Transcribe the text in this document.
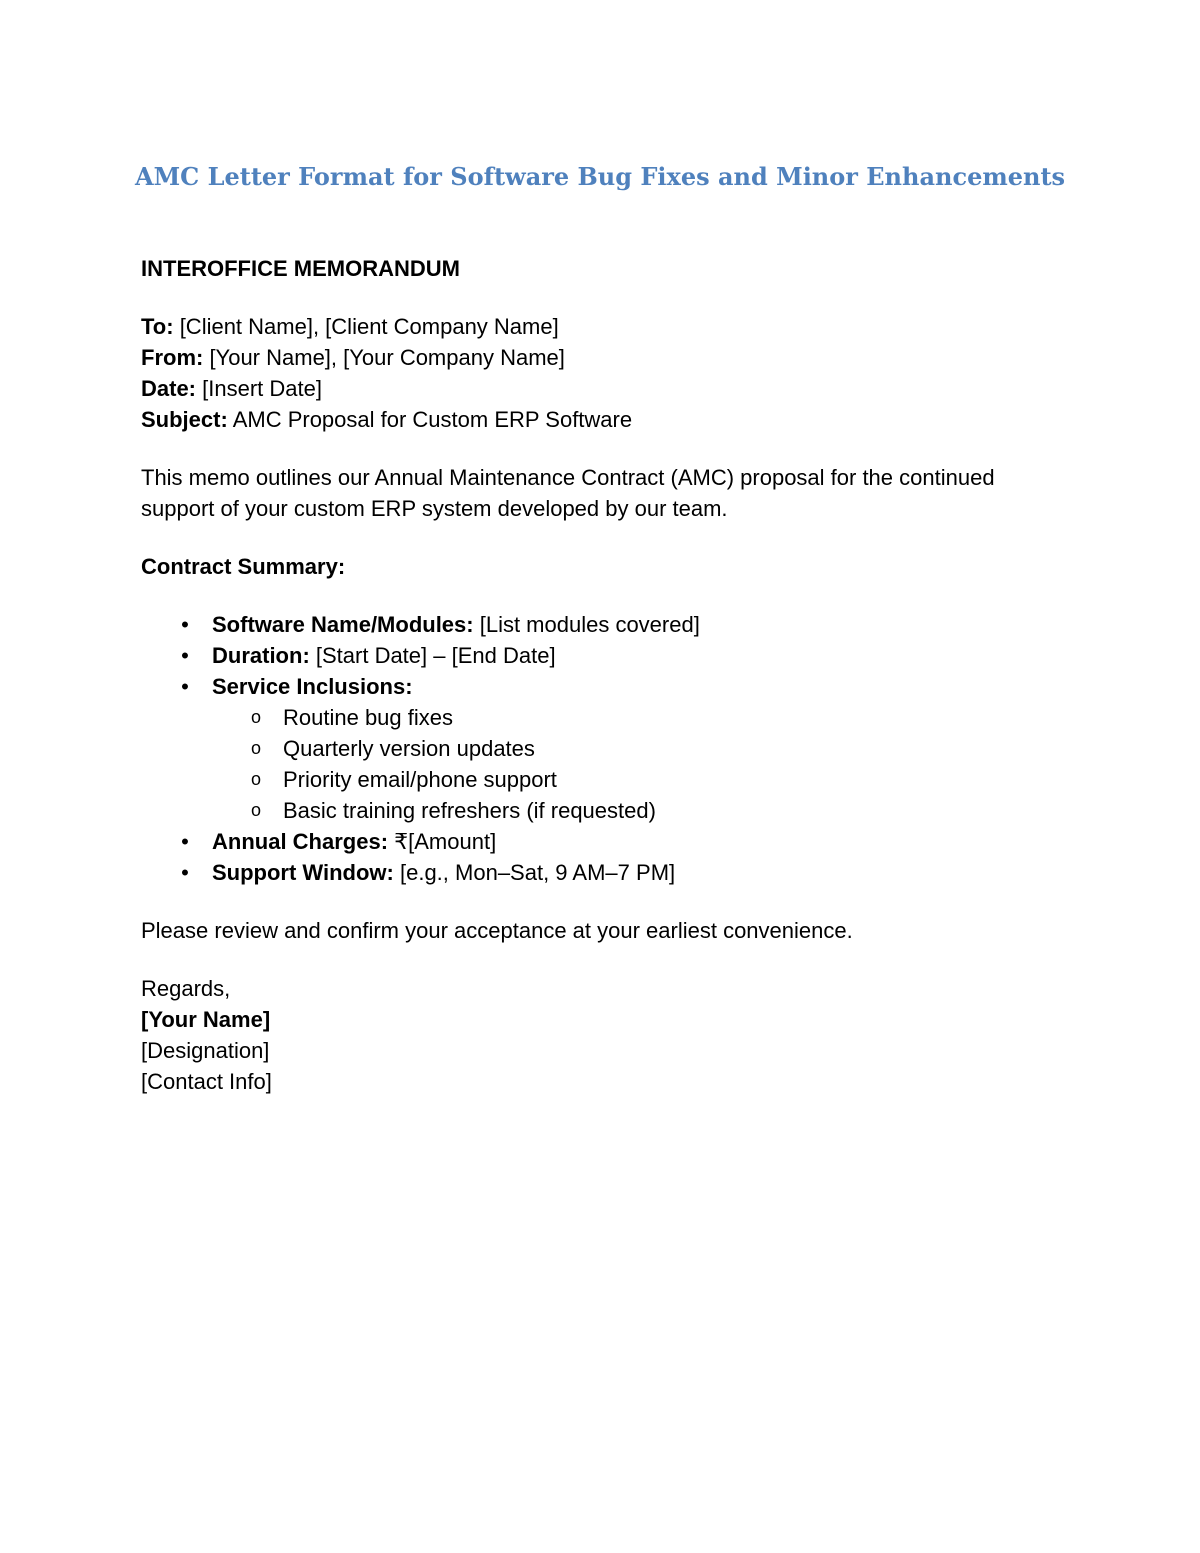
AMC Letter Format for Software Bug Fixes and Minor Enhancements

INTEROFFICE MEMORANDUM

To: [Client Name], [Client Company Name]

From: [Your Name], [Your Company Name]

Date: [Insert Date]

Subject: AMC Proposal for Custom ERP Software

This memo outlines our Annual Maintenance Contract (AMC) proposal for the continued

support of your custom ERP system developed by our team.

Contract Summary:

• Software Name/Modules: [List modules covered]
• Duration: [Start Date] – [End Date]
• Service Inclusions:
o Routine bug fixes
o Quarterly version updates
o Priority email/phone support
o Basic training refreshers (if requested)
• Annual Charges: ₹[Amount]
• Support Window: [e.g., Mon–Sat, 9 AM–7 PM]

Please review and confirm your acceptance at your earliest convenience.

Regards,

[Your Name]

[Designation]

[Contact Info]
